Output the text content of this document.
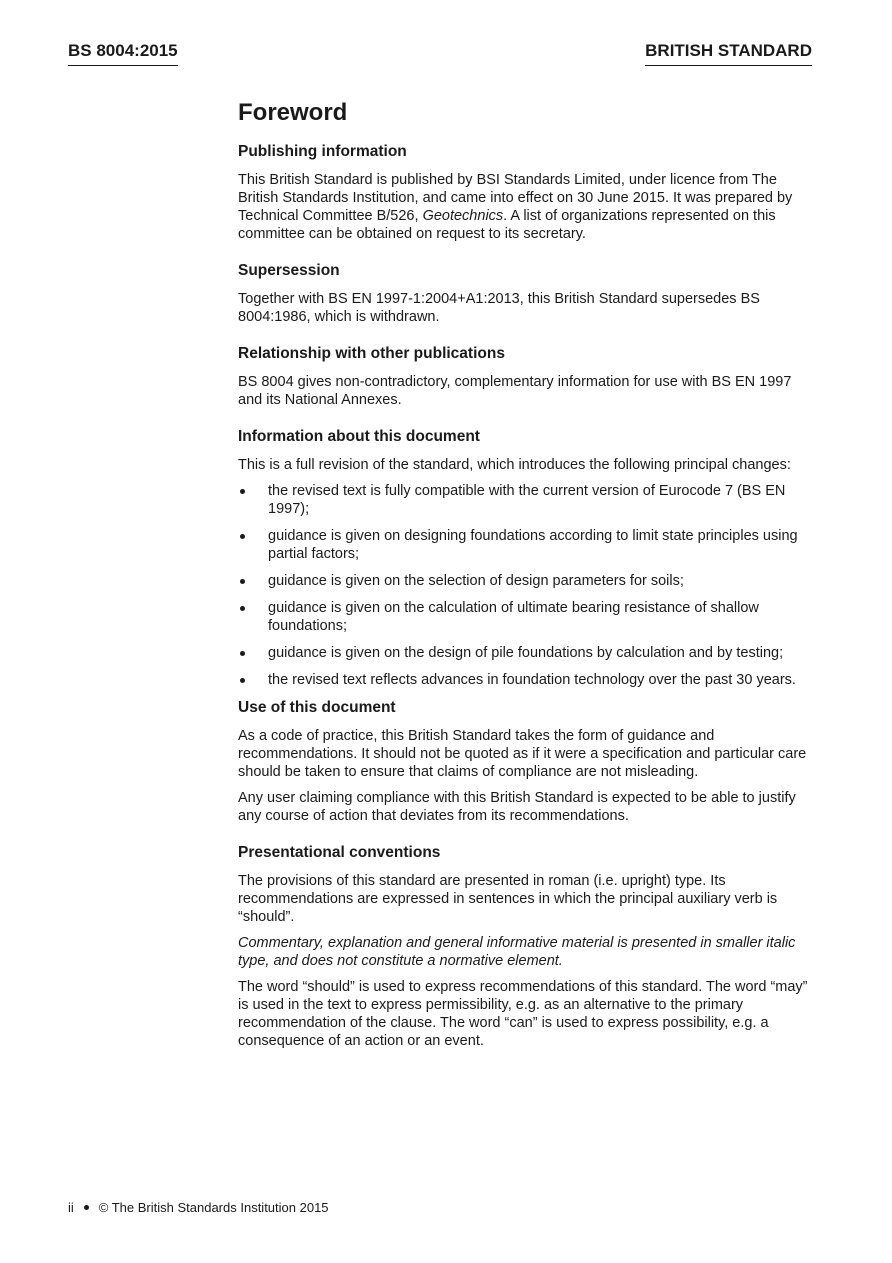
BS 8004:2015	BRITISH STANDARD
Foreword
Publishing information

This British Standard is published by BSI Standards Limited, under licence from The British Standards Institution, and came into effect on 30 June 2015. It was prepared by Technical Committee B/526, Geotechnics. A list of organizations represented on this committee can be obtained on request to its secretary.

Supersession

Together with BS EN 1997-1:2004+A1:2013, this British Standard supersedes BS 8004:1986, which is withdrawn.

Relationship with other publications

BS 8004 gives non-contradictory, complementary information for use with BS EN 1997 and its National Annexes.

Information about this document

This is a full revision of the standard, which introduces the following principal changes:

the revised text is fully compatible with the current version of Eurocode 7 (BS EN 1997);
guidance is given on designing foundations according to limit state principles using partial factors;
guidance is given on the selection of design parameters for soils;
guidance is given on the calculation of ultimate bearing resistance of shallow foundations;
guidance is given on the design of pile foundations by calculation and by testing;
the revised text reflects advances in foundation technology over the past 30 years.
Use of this document

As a code of practice, this British Standard takes the form of guidance and recommendations. It should not be quoted as if it were a specification and particular care should be taken to ensure that claims of compliance are not misleading.

Any user claiming compliance with this British Standard is expected to be able to justify any course of action that deviates from its recommendations.

Presentational conventions

The provisions of this standard are presented in roman (i.e. upright) type. Its recommendations are expressed in sentences in which the principal auxiliary verb is “should”.

Commentary, explanation and general informative material is presented in smaller italic type, and does not constitute a normative element.

The word “should” is used to express recommendations of this standard. The word “may” is used in the text to express permissibility, e.g. as an alternative to the primary recommendation of the clause. The word “can” is used to express possibility, e.g. a consequence of an action or an event.

ii © The British Standards Institution 2015
